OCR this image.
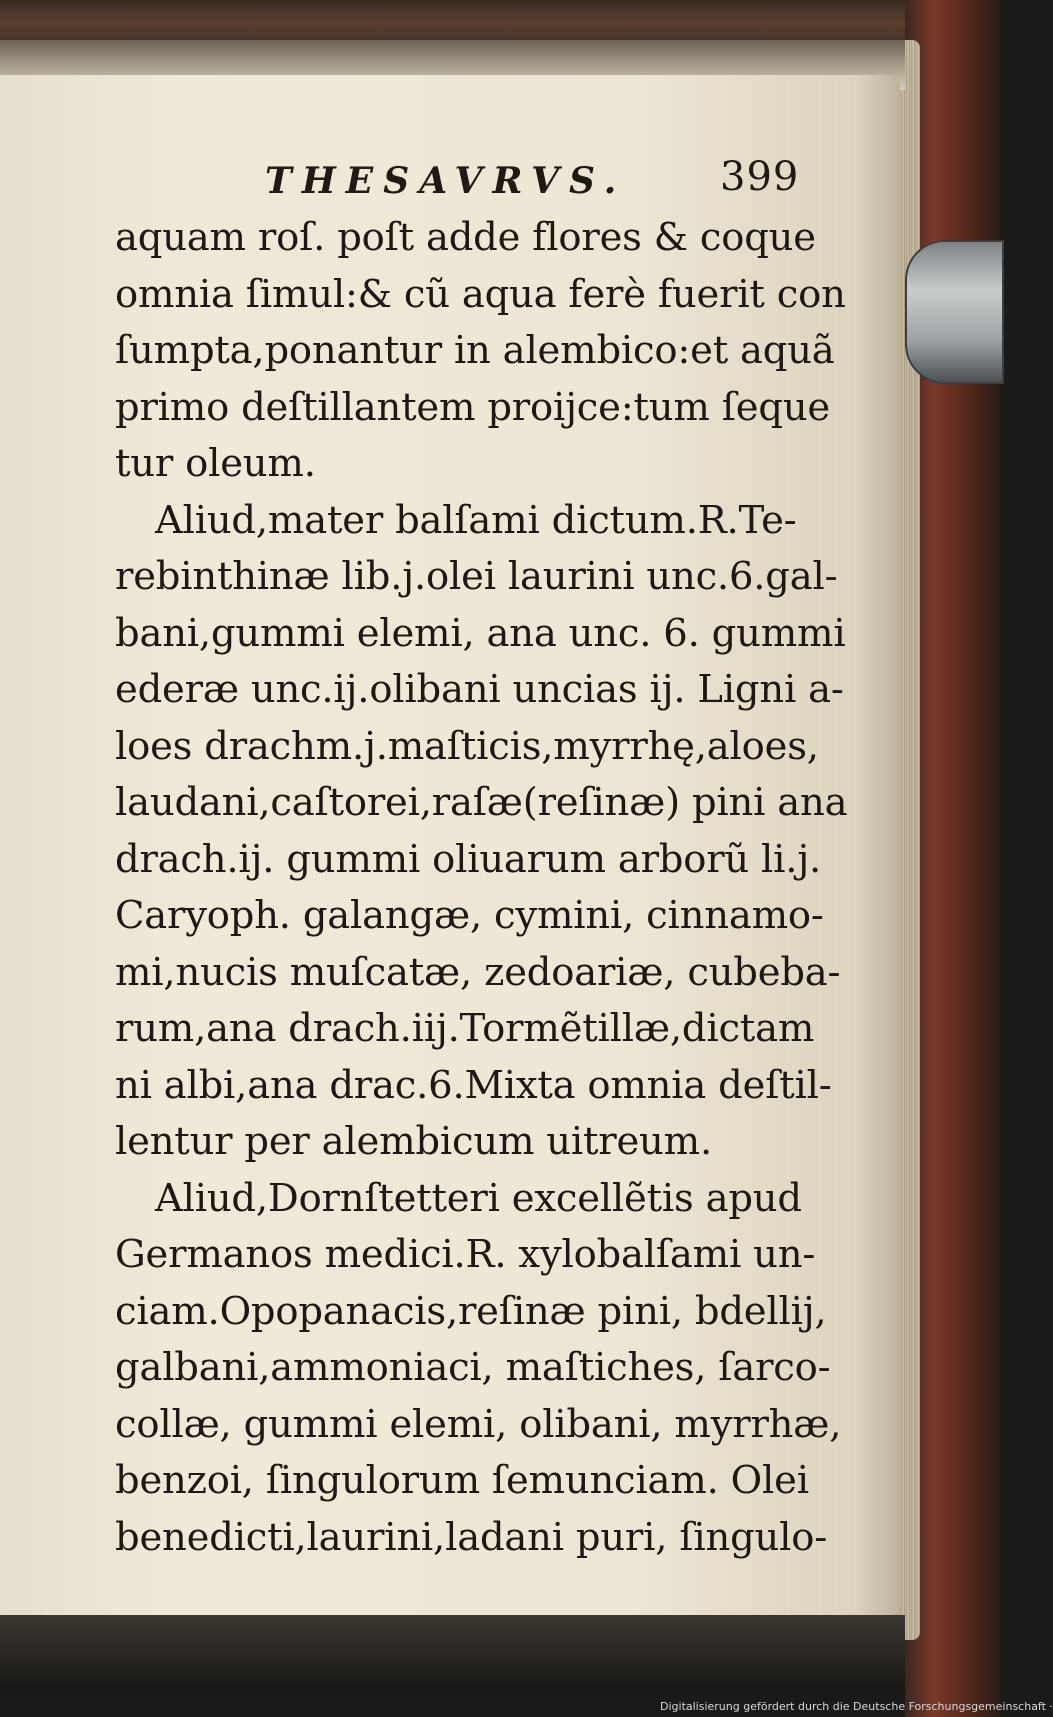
THESAVRVS. 399
aquam roſ. poſt adde flores & coque
omnia ſimul:& cũ aqua ferè fuerit con
ſumpta,ponantur in alembico:et aquã
primo deſtillantem proijce:tum ſeque
tur oleum.
Aliud,mater balſami dictum.R.Te-
rebinthinæ lib.j.olei laurini unc.6.gal-
bani,gummi elemi, ana unc. 6. gummi
ederæ unc.ij.olibani uncias ij. Ligni a-
loes drachm.j.maſticis,myrrhę,aloes,
laudani,caſtorei,raſæ(reſinæ) pini ana
drach.ij. gummi oliuarum arborũ li.j.
Caryoph. galangæ, cymini, cinnamo-
mi,nucis muſcatæ, zedoariæ, cubeba-
rum,ana drach.iij.Tormẽtillæ,dictam
ni albi,ana drac.6.Mixta omnia deſtil-
lentur per alembicum uitreum.
Aliud,Dornſtetteri excellẽtis apud
Germanos medici.R. xylobalſami un-
ciam.Opopanacis,reſinæ pini, bdellij,
galbani,ammoniaci, maſtiches, ſarco-
collæ, gummi elemi, olibani, myrrhæ,
benzoi, ſingulorum ſemunciam. Olei
benedicti,laurini,ladani puri, ſingulo-
Digitalisierung gefördert durch die Deutsche Forschungsgemeinschaft ·
